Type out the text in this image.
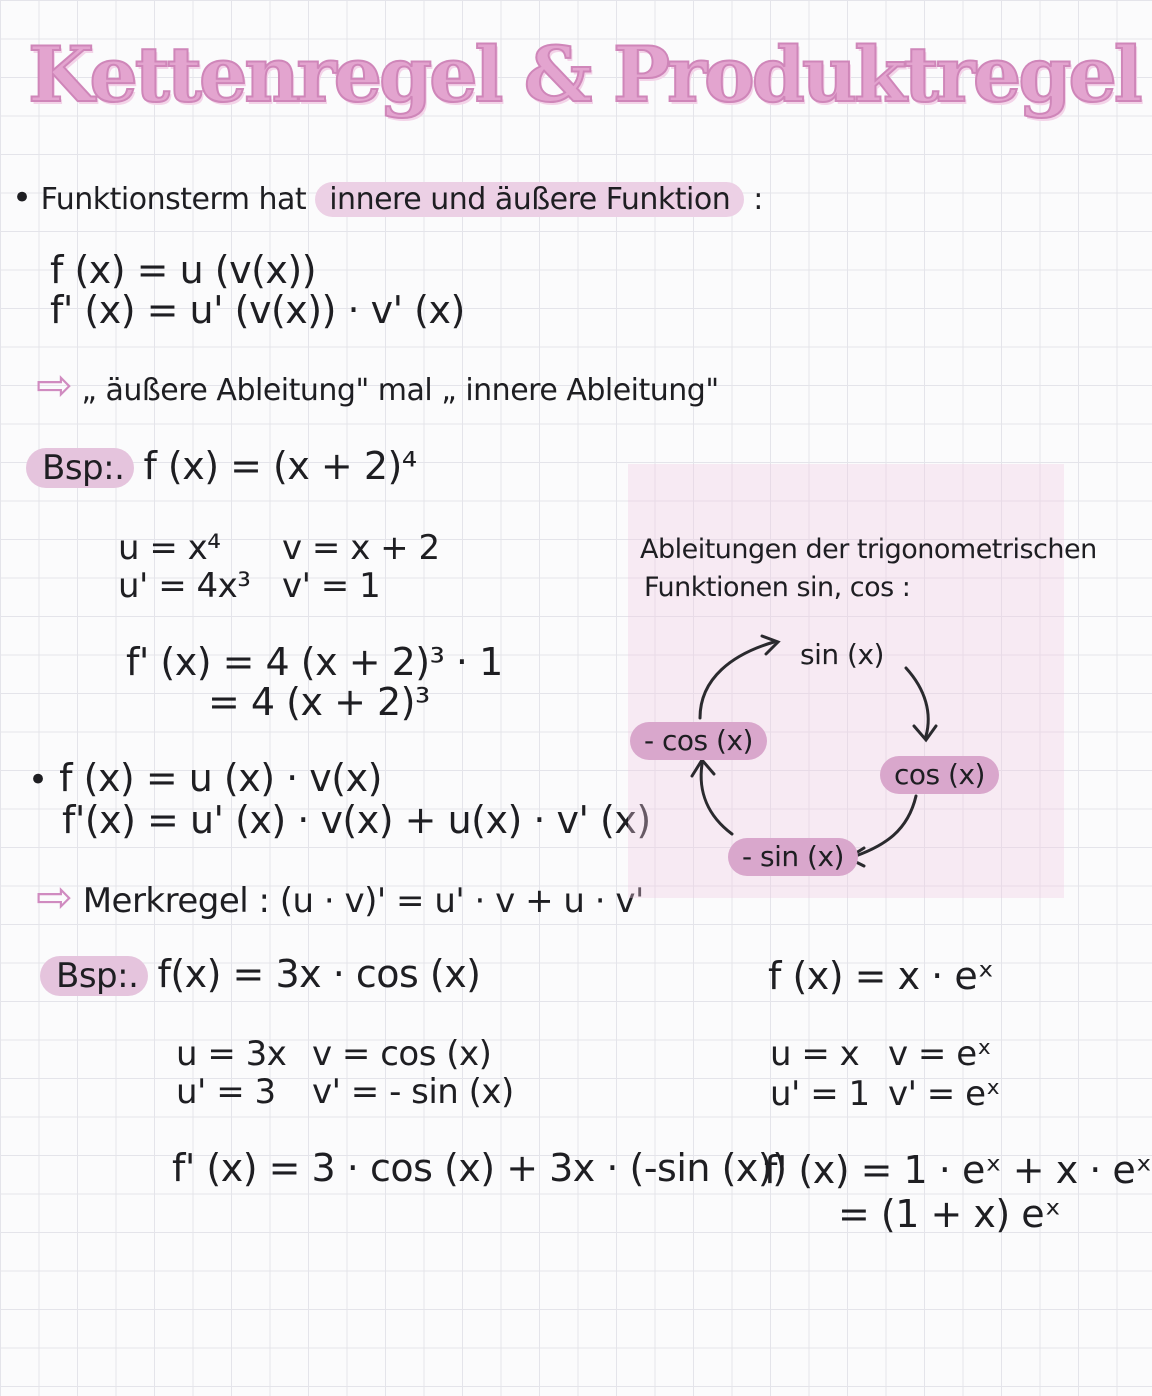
Kettenregel & Produktregel
• Funktionsterm hat innere und äußere Funktion :
f (x) = u (v(x))
f' (x) = u' (v(x)) · v' (x)
⇨ „ äußere Ableitung" mal „ innere Ableitung"
Bsp:. f (x) = (x + 2)⁴
u = x⁴ v = x + 2
u' = 4x³ v' = 1
f' (x) = 4 (x + 2)³ · 1
= 4 (x + 2)³
• f (x) = u (x) · v(x)
f'(x) = u' (x) · v(x) + u(x) · v' (x)
⇨ Merkregel : (u · v)' = u' · v + u · v'
Bsp:. f(x) = 3x · cos (x)
u = 3x v = cos (x)
u' = 3 v' = - sin (x)
f' (x) = 3 · cos (x) + 3x · (-sin (x))
f (x) = x · eˣ
u = x v = eˣ
u' = 1 v' = eˣ
f' (x) = 1 · eˣ + x · eˣ
= (1 + x) eˣ
Ableitungen der trigonometrischen
Funktionen sin, cos :
sin (x)
cos (x)
- sin (x)
- cos (x)
